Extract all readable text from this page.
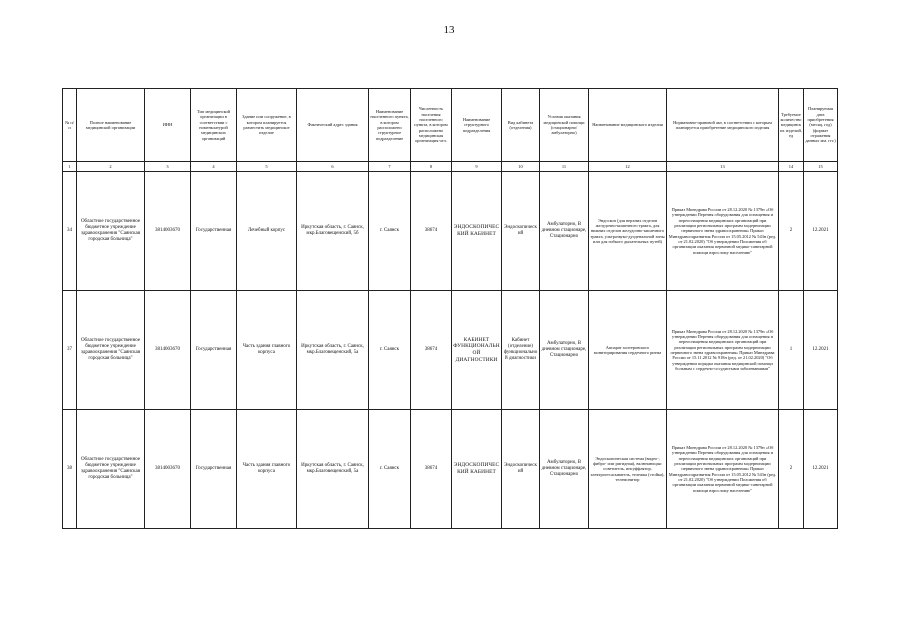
13
№ п/п	Полное наименование медицинской организации	ИНН	Тип медицинской организации в соответствии с номенклатурой медицинских организаций	Здание или сооружение, в котором планируется разместить медицинское изделие	Фактический адрес здания	Наименование населенного пункта, в котором расположено структурное подразделение	Численность населения населенного пункта, в котором расположено медицинская организация чел.	Наименование структурного подразделения	Вид кабинета (отделения)	Условия оказания медицинской помощи (стационарно/амбулаторно)	Наименование медицинского изделия	Нормативно-правовой акт, в соответствии с которым планируется приобретение медицинского изделия	Требуемое количество медицинских изделий, ед	Планируемая дата приобретения (месяц, год) (формат отражения данных мм. ггг.)
1	2	3	4	5	6	7	8	9	10	11	12	13	14	15
34	Областное государственное бюджетное учреждение здравоохранения "Саянская городская больница"	3814003670	Государственная	Лечебный корпус	Иркутская область, г. Саянск, мкр.Благовещенский, 5б	г. Саянск	38674	ЭНДОСКОПИЧЕСКИЙ КАБИНЕТ	Эндоскопический	Амбулаторно, В дневном стационаре, Стационарно	Эндоскоп (для верхних отделов желудочно-кишечного тракта, для нижних отделов желудочно-кишечного тракта, ультразвуко-дуоденальной зоны или для гибкого дыхательных путей)	Приказ Минздрава России от 28.12.2020 № 1379н «Об утверждении Перечня оборудования для оснащения и переоснащения медицинских организаций при реализации региональных программ модернизации первичного звена здравоохранения» Приказ Минздравсоцразвития России от 15.05.2012 № 543н (ред. от 21.02.2020) "Об утверждении Положения об организации оказания первичной медико-санитарной помощи взрослому населению"	2	12.2021
37	Областное государственное бюджетное учреждение здравоохранения "Саянская городская больница"	3814003670	Государственная	Часть здания главного корпуса	Иркутская область, г. Саянск, мкр.Благовещенский, 5а	г. Саянск	38674	КАБИНЕТ ФУНКЦИОНАЛЬНОЙ ДИАГНОСТИКИ	Кабинет (отделение) функциональной диагностики	Амбулаторно, В дневном стационаре, Стационарно	Аппарат холтеровского мониторирования сердечного ритма	Приказ Минздрава России от 28.12.2020 № 1379н «Об утверждении Перечня оборудования для оснащения и переоснащения медицинских организаций при реализации региональных программ модернизации первичного звена здравоохранения» Приказ Минздрава России от 15.11.2012 № 918н (ред. от 21.02.2020) "Об утверждении порядка оказания медицинской помощи больным с сердечно-сосудистыми заболеваниями"	1	12.2021
38	Областное государственное бюджетное учреждение здравоохранения "Саянская городская больница"	3814003670	Государственная	Часть здания главного корпуса	Иркутская область, г. Саянск, мкр.Благовещенский, 5а	г. Саянск	38674	ЭНДОСКОПИЧЕСКИЙ КАБИНЕТ	Эндоскопический	Амбулаторно, В дневном стационаре, Стационарно	Эндоскопическая система (видео-, фибро- или ригидная), включающая: осветитель, инсуффлятор, электроотсасыватель, тележка (стойка), телемонитор	Приказ Минздрава России от 28.12.2020 № 1379н «Об утверждении Перечня оборудования для оснащения и переоснащения медицинских организаций при реализации региональных программ модернизации первичного звена здравоохранения» Приказ Минздравсоцразвития России от 15.05.2012 № 543н (ред. от 21.02.2020) "Об утверждении Положения об организации оказания первичной медико-санитарной помощи взрослому населению"	2	12.2021
